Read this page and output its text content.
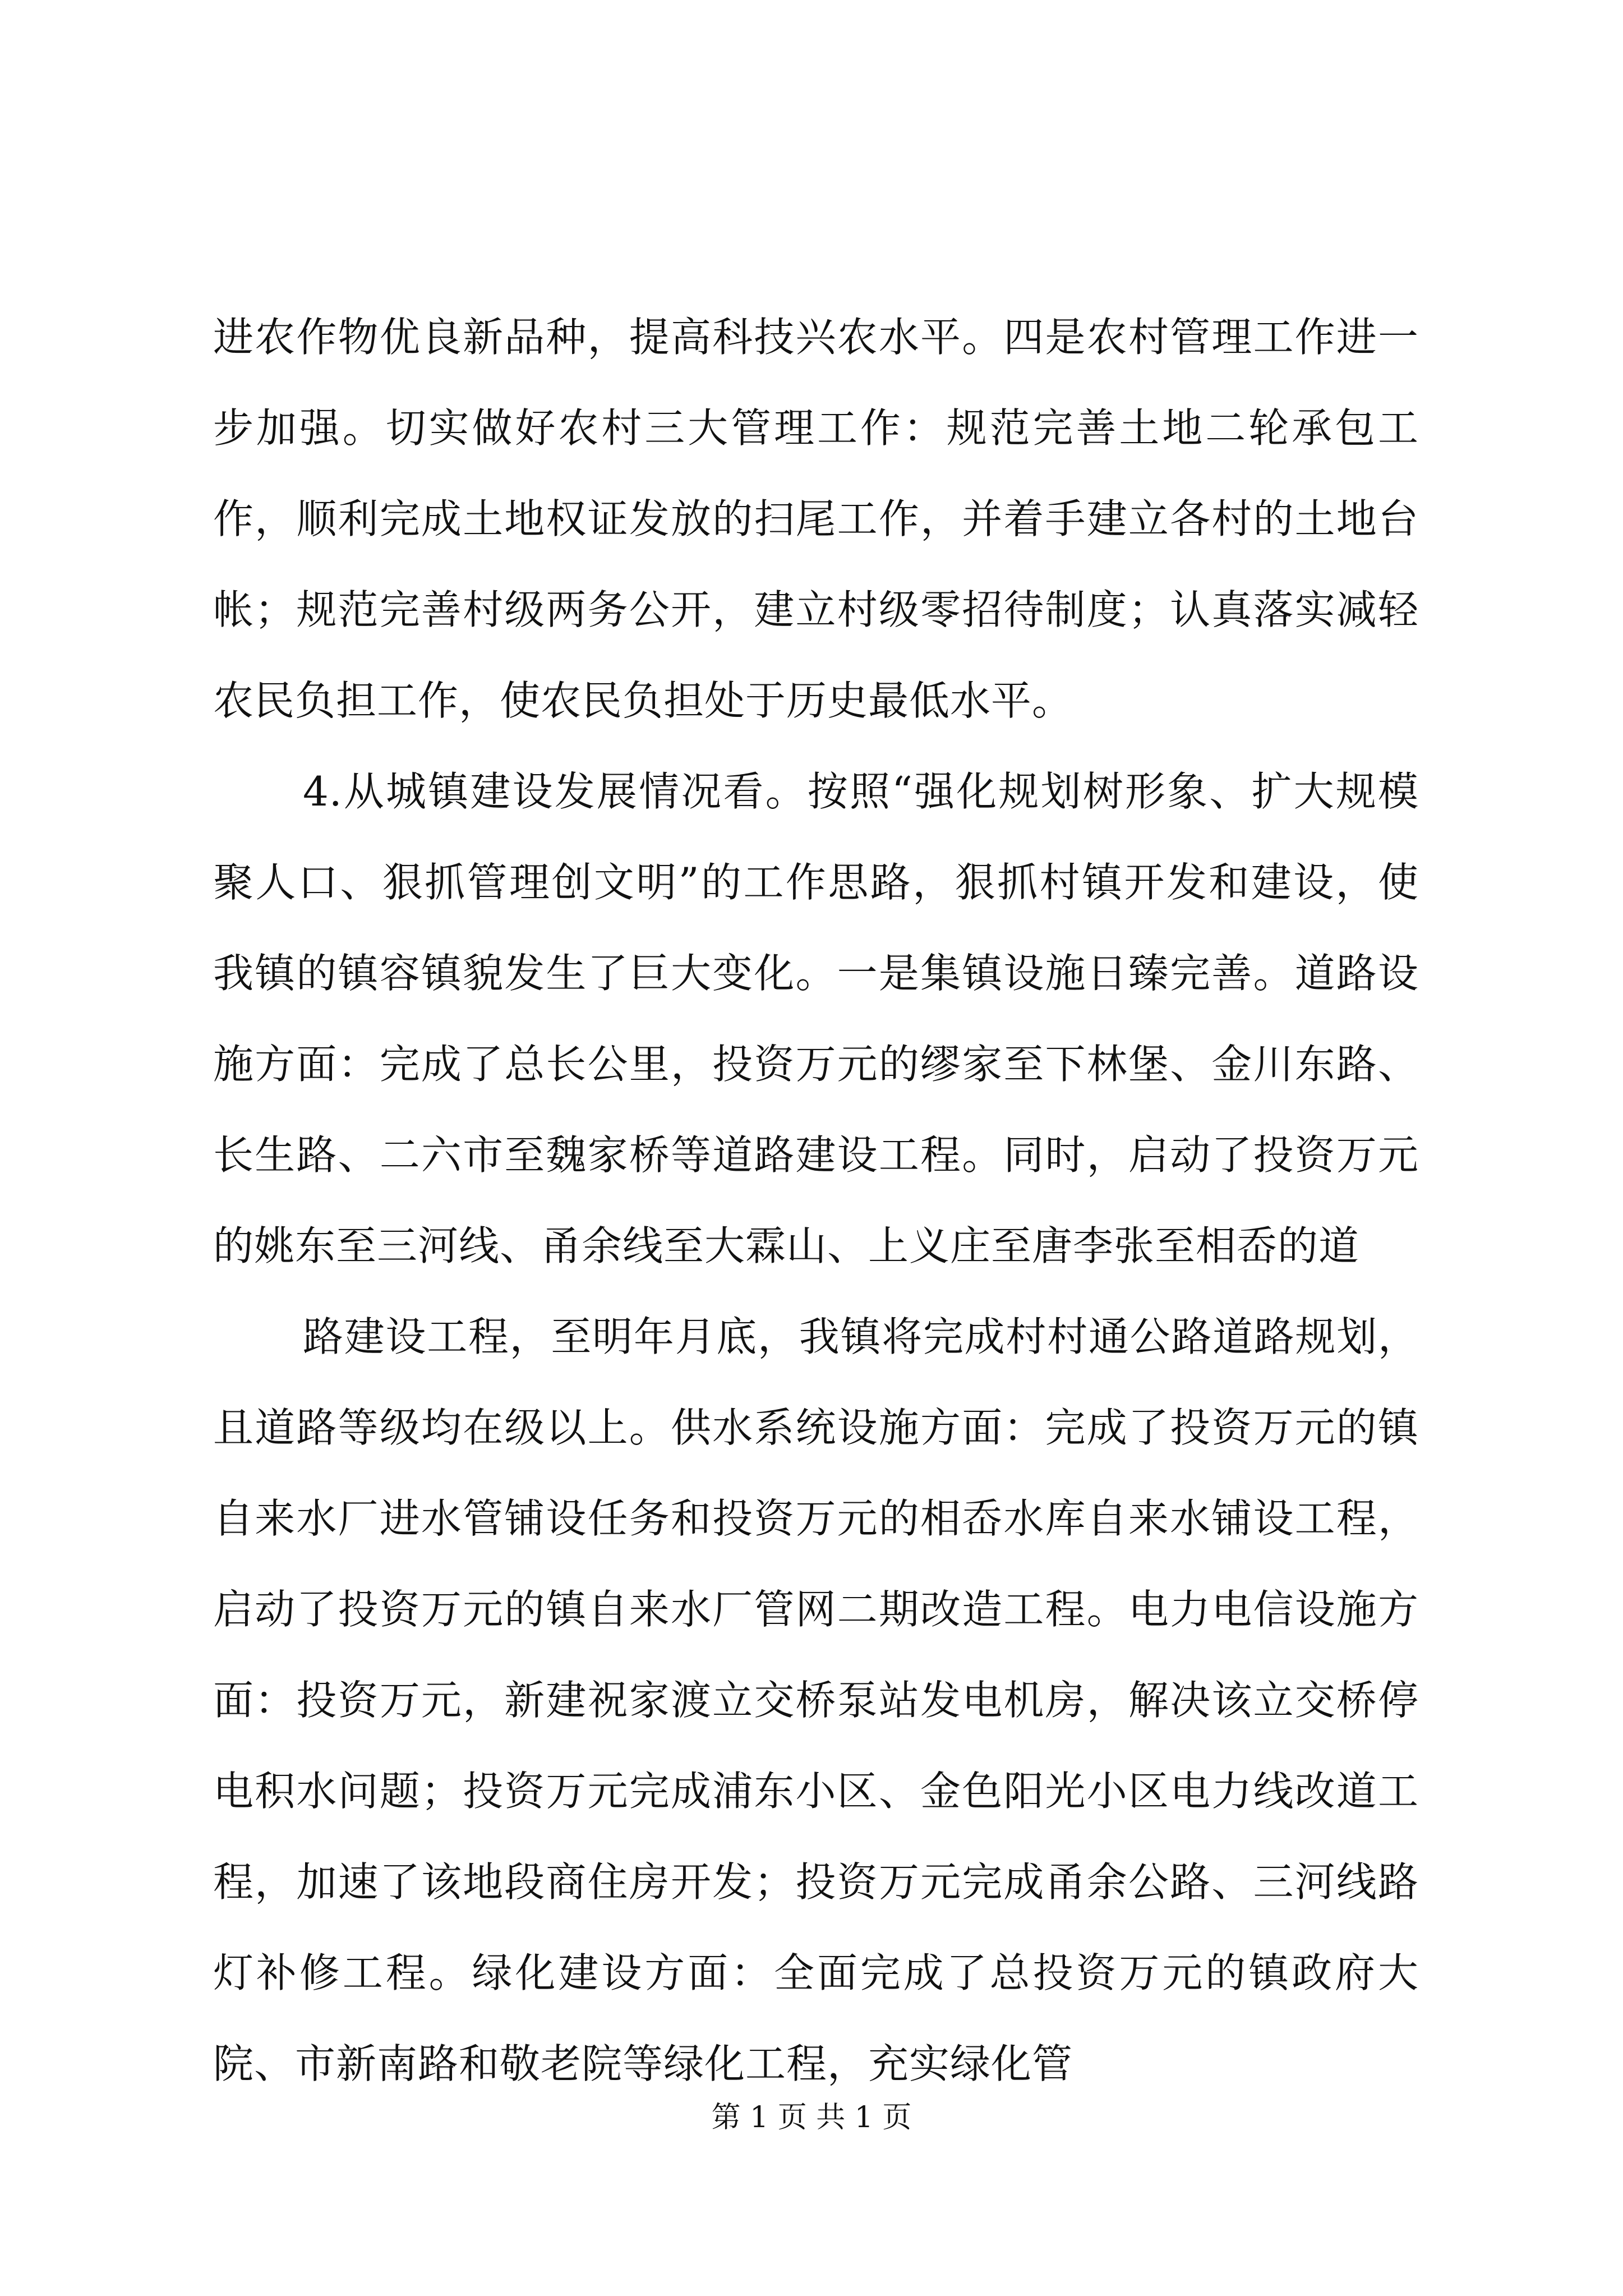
进农作物优良新品种，提高科技兴农水平。四是农村管理工作进一步加强。切实做好农村三大管理工作：规范完善土地二轮承包工作，顺利完成土地权证发放的扫尾工作，并着手建立各村的土地台帐；规范完善村级两务公开，建立村级零招待制度；认真落实减轻农民负担工作，使农民负担处于历史最低水平。

4.从城镇建设发展情况看。按照“强化规划树形象、扩大规模聚人口、狠抓管理创文明”的工作思路，狠抓村镇开发和建设，使我镇的镇容镇貌发生了巨大变化。一是集镇设施日臻完善。道路设施方面：完成了总长公里，投资万元的缪家至下林堡、金川东路、长生路、二六市至魏家桥等道路建设工程。同时，启动了投资万元的姚东至三河线、甬余线至大霖山、上义庄至唐李张至相岙的道

路建设工程，至明年月底，我镇将完成村村通公路道路规划，且道路等级均在级以上。供水系统设施方面：完成了投资万元的镇自来水厂进水管铺设任务和投资万元的相岙水库自来水铺设工程，启动了投资万元的镇自来水厂管网二期改造工程。电力电信设施方面：投资万元，新建祝家渡立交桥泵站发电机房，解决该立交桥停电积水问题；投资万元完成浦东小区、金色阳光小区电力线改道工程，加速了该地段商住房开发；投资万元完成甬余公路、三河线路灯补修工程。绿化建设方面：全面完成了总投资万元的镇政府大院、市新南路和敬老院等绿化工程，充实绿化管

第 1 页 共 1 页
